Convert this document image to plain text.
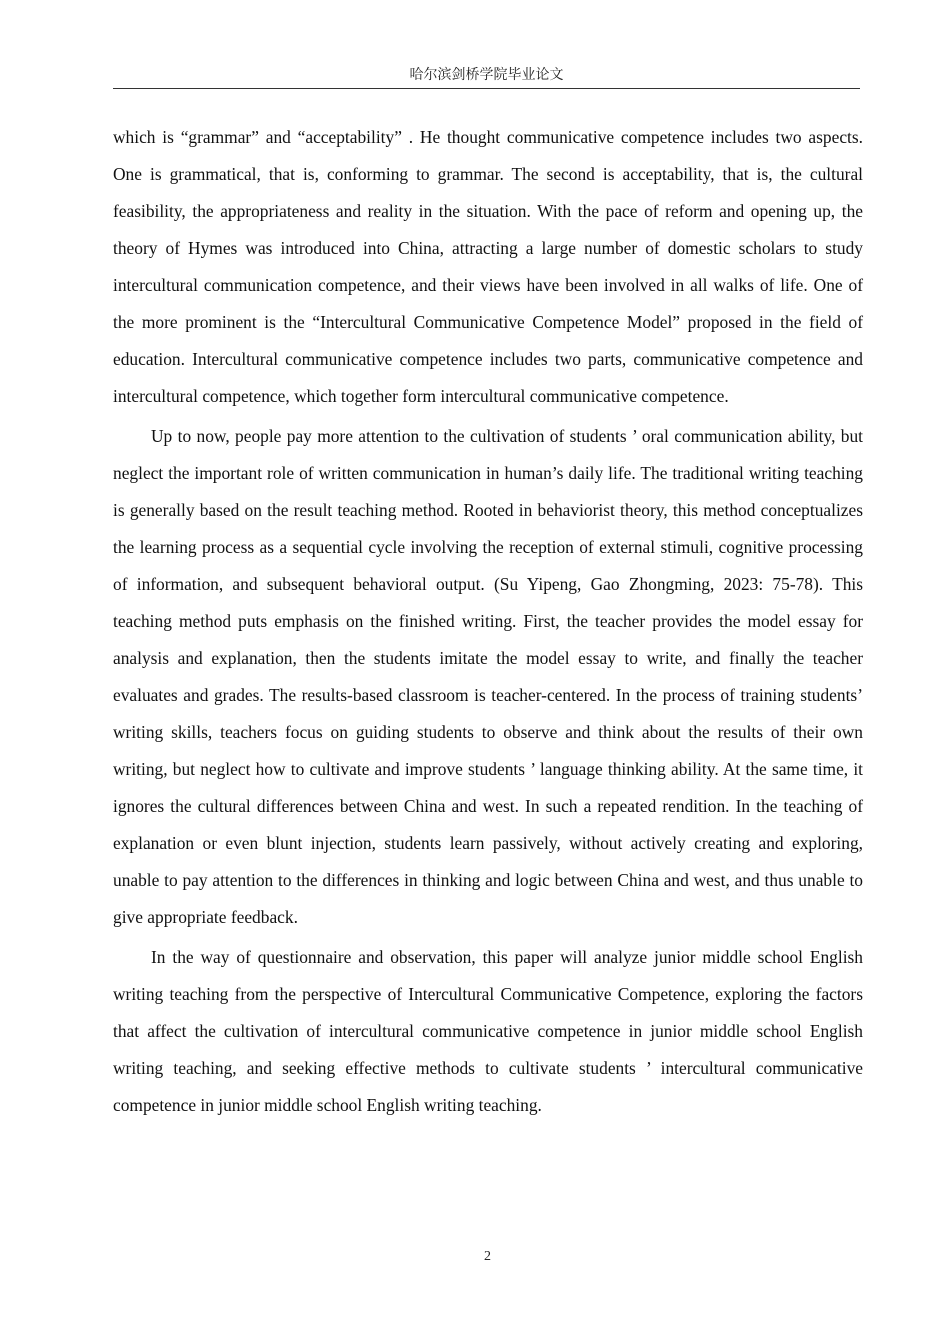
哈尔滨剑桥学院毕业论文

which is “grammar” and “acceptability” . He thought communicative competence includes two aspects. One is grammatical, that is, conforming to grammar. The second is acceptability, that is, the cultural feasibility, the appropriateness and reality in the situation. With the pace of reform and opening up, the theory of Hymes was introduced into China, attracting a large number of domestic scholars to study intercultural communication competence, and their views have been involved in all walks of life. One of the more prominent is the “Intercultural Communicative Competence Model” proposed in the field of education. Intercultural communicative competence includes two parts, communicative competence and intercultural competence, which together form intercultural communicative competence.

Up to now, people pay more attention to the cultivation of students ’ oral communication ability, but neglect the important role of written communication in human’s daily life. The traditional writing teaching is generally based on the result teaching method. Rooted in behaviorist theory, this method conceptualizes the learning process as a sequential cycle involving the reception of external stimuli, cognitive processing of information, and subsequent behavioral output. (Su Yipeng, Gao Zhongming, 2023: 75-78). This teaching method puts emphasis on the finished writing. First, the teacher provides the model essay for analysis and explanation, then the students imitate the model essay to write, and finally the teacher evaluates and grades. The results-based classroom is teacher-centered. In the process of training students’ writing skills, teachers focus on guiding students to observe and think about the results of their own writing, but neglect how to cultivate and improve students ’ language thinking ability. At the same time, it ignores the cultural differences between China and west. In such a repeated rendition. In the teaching of explanation or even blunt injection, students learn passively, without actively creating and exploring, unable to pay attention to the differences in thinking and logic between China and west, and thus unable to give appropriate feedback.

In the way of questionnaire and observation, this paper will analyze junior middle school English writing teaching from the perspective of Intercultural Communicative Competence, exploring the factors that affect the cultivation of intercultural communicative competence in junior middle school English writing teaching, and seeking effective methods to cultivate students ’ intercultural communicative competence in junior middle school English writing teaching.

2
